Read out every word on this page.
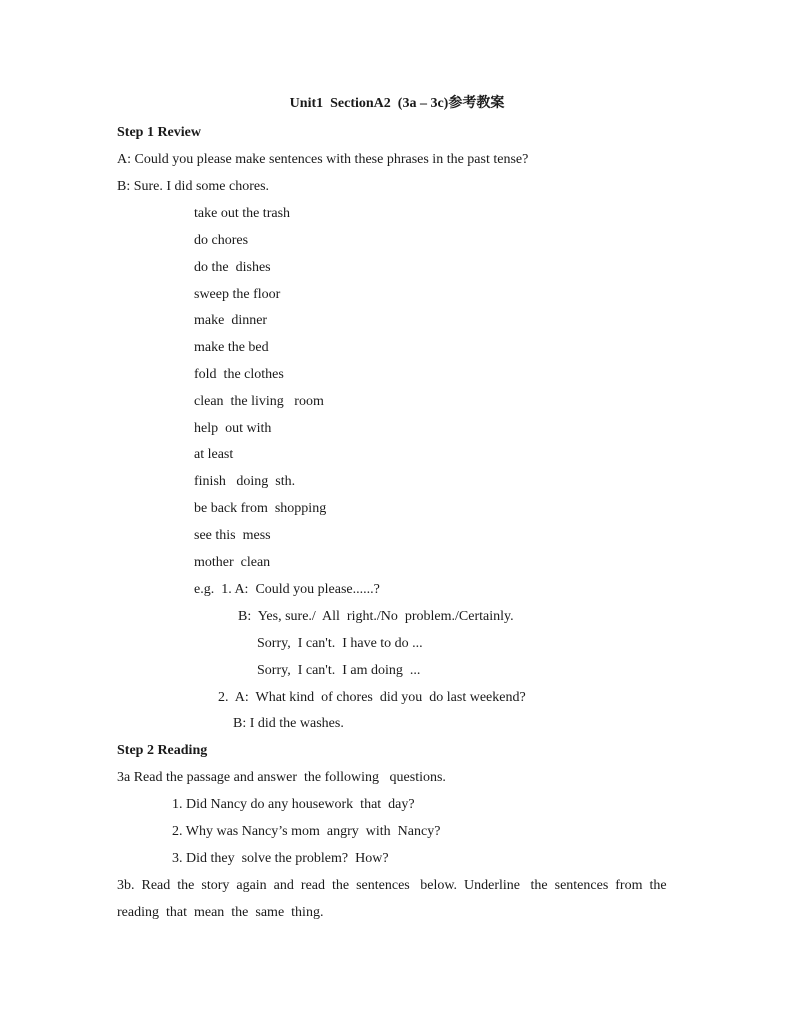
Unit1  SectionA2  (3a – 3c)参考教案
Step 1 Review
A: Could you please make sentences with these phrases in the past tense?
B: Sure. I did some chores.
take out the trash
do chores
do the  dishes
sweep the floor
make  dinner
make the bed
fold  the clothes
clean  the living   room
help  out with
at least
finish   doing  sth.
be back from  shopping
see this  mess
mother  clean
e.g.  1. A:  Could you please......?
B:  Yes, sure./  All  right./No  problem./Certainly.
Sorry,  I can't.  I have to do ...
Sorry,  I can't.  I am doing  ...
2.  A:  What kind  of chores  did you  do last weekend?
B: I did the washes.
Step 2 Reading
3a Read the passage and answer  the following   questions.
1. Did Nancy do any housework  that  day?
2. Why was Nancy’s mom  angry  with  Nancy?
3. Did they  solve the problem?  How?
3b.  Read  the  story  again  and  read  the  sentences   below.  Underline   the  sentences  from  the
reading  that  mean  the  same  thing.
